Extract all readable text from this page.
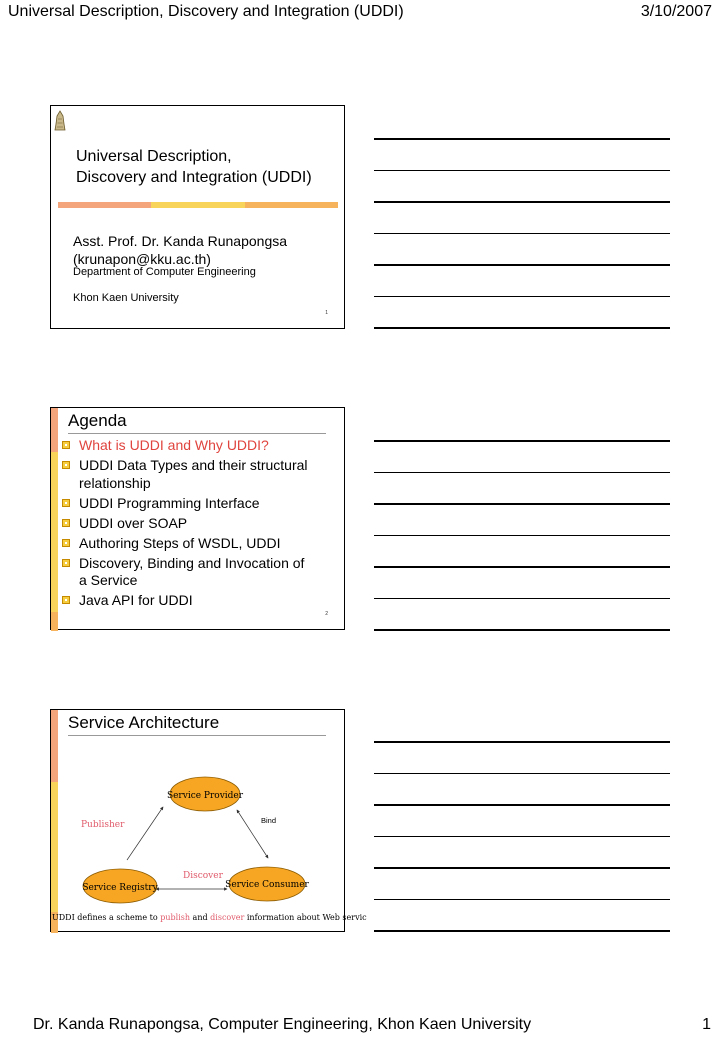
Universal Description, Discovery and Integration (UDDI)	3/10/2007
Universal Description,
Discovery and Integration (UDDI)
Asst. Prof. Dr. Kanda Runapongsa
(krunapon@kku.ac.th)
Department of Computer Engineering
Khon Kaen University
1
Agenda
What is UDDI and Why UDDI?
UDDI Data Types and their structural
relationship
UDDI Programming Interface
UDDI over SOAP
Authoring Steps of WSDL, UDDI
Discovery, Binding and Invocation of
a Service
Java API for UDDI
2
Service Architecture
Service Provider
Service Registry	Service Consumer
Publisher	Bind
Discover
UDDI defines a scheme to publish and discover information about Web servic
Dr. Kanda Runapongsa, Computer Engineering, Khon Kaen University	1
